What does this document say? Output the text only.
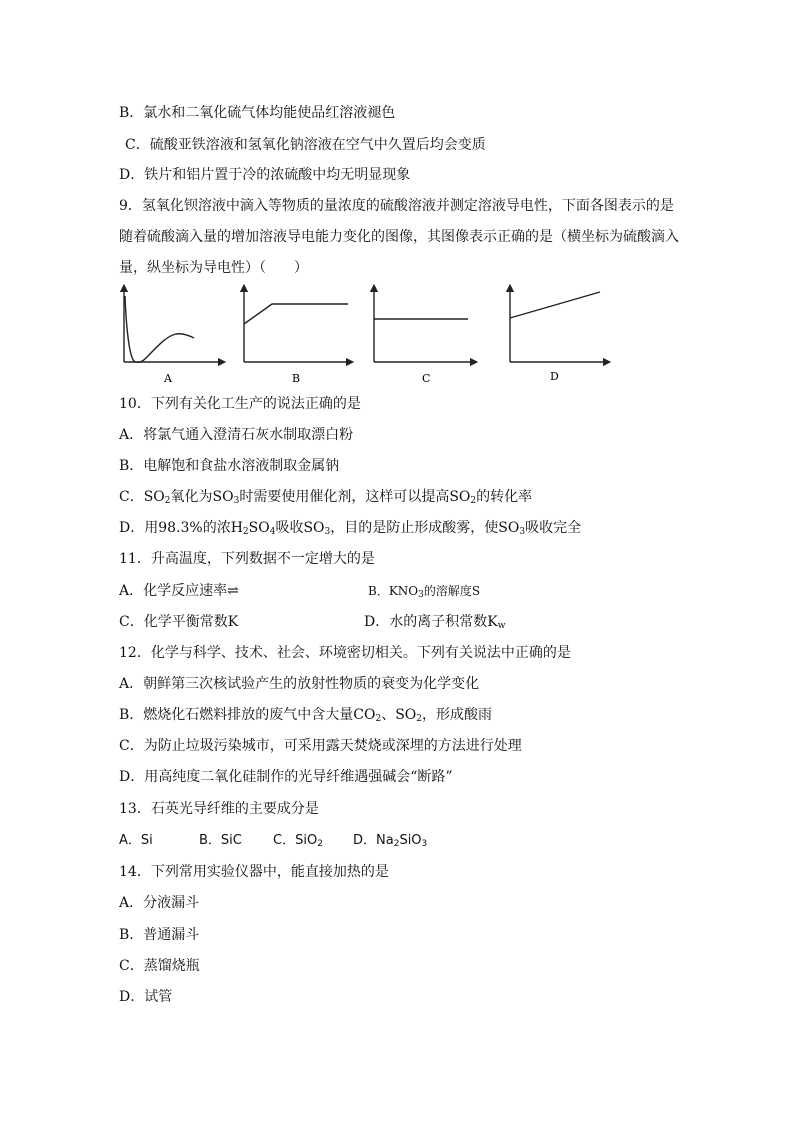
B．氯水和二氧化硫气体均能使品红溶液褪色
C．硫酸亚铁溶液和氢氧化钠溶液在空气中久置后均会变质
D．铁片和铝片置于冷的浓硫酸中均无明显现象
9．氢氧化钡溶液中滴入等物质的量浓度的硫酸溶液并测定溶液导电性，下面各图表示的是
随着硫酸滴入量的增加溶液导电能力变化的图像，其图像表示正确的是（横坐标为硫酸滴入
量，纵坐标为导电性）（　　）
A	B	C	D
10．下列有关化工生产的说法正确的是
A．将氯气通入澄清石灰水制取漂白粉
B．电解饱和食盐水溶液制取金属钠
C．$SO_2$氧化为$SO_3$时需要使用催化剂，这样可以提高$SO_2$的转化率
D．用98.3%的浓$H_2SO_4$吸收$SO_3$，目的是防止形成酸雾，使$SO_3$吸收完全
11．升高温度，下列数据不一定增大的是
A．化学反应速率⇌	B．$KNO_3$的溶解度S
C．化学平衡常数K	D．水的离子积常数$K_w$
12．化学与科学、技术、社会、环境密切相关。下列有关说法中正确的是
A．朝鲜第三次核试验产生的放射性物质的衰变为化学变化
B．燃烧化石燃料排放的废气中含大量$CO_2$、$SO_2$，形成酸雨
C．为防止垃圾污染城市，可采用露天焚烧或深埋的方法进行处理
D．用高纯度二氧化硅制作的光导纤维遇强碱会“断路”
13．石英光导纤维的主要成分是
A．Si	B．SiC C．SiO$_2$ D．$Na_2SiO_3$
14．下列常用实验仪器中，能直接加热的是
A．分液漏斗
B．普通漏斗
C．蒸馏烧瓶
D．试管
